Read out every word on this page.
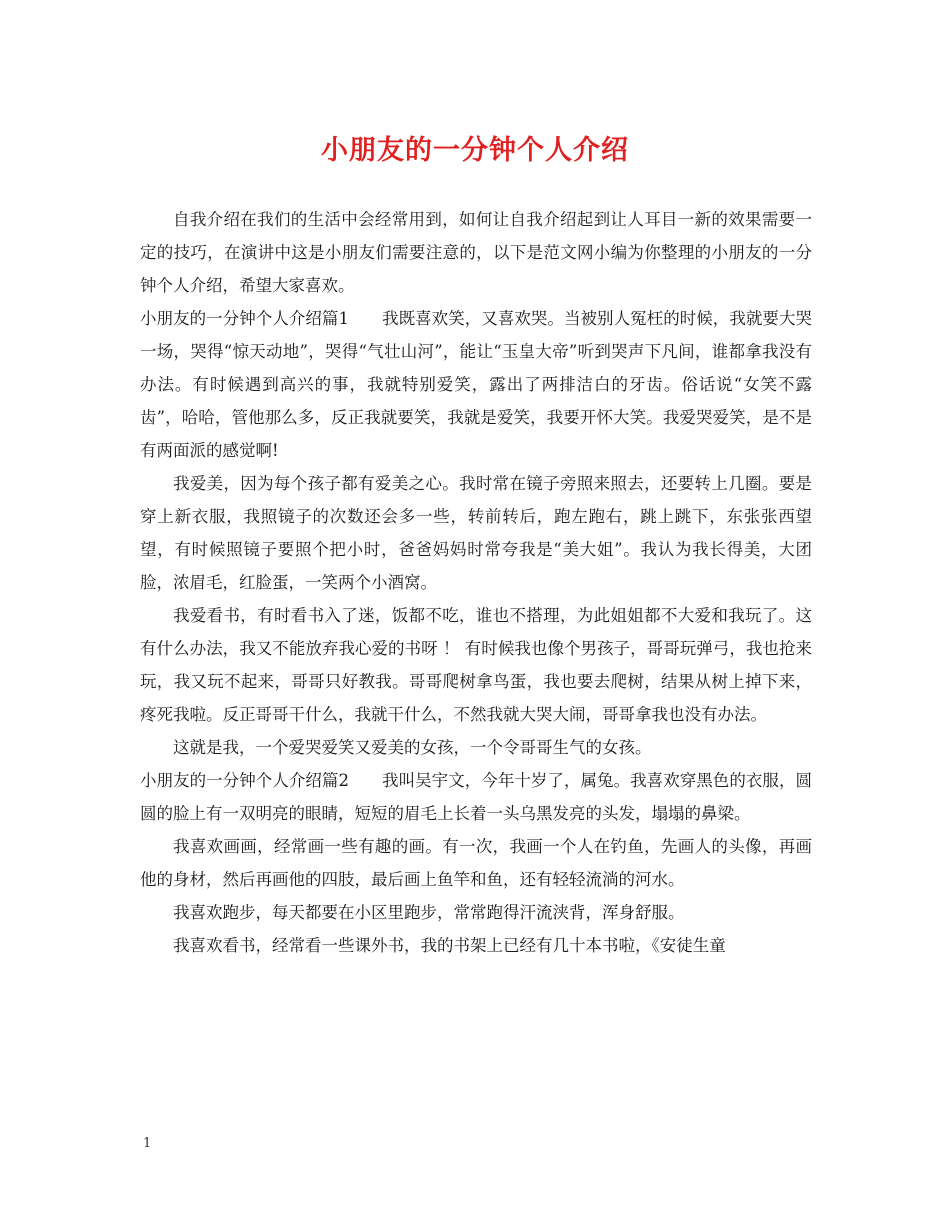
小朋友的一分钟个人介绍

自我介绍在我们的生活中会经常用到，如何让自我介绍起到让人耳目一新的效果需要一定的技巧，在演讲中这是小朋友们需要注意的，以下是范文网小编为你整理的小朋友的一分钟个人介绍，希望大家喜欢。

小朋友的一分钟个人介绍篇1　　我既喜欢笑，又喜欢哭。当被别人冤枉的时候，我就要大哭一场，哭得“惊天动地”，哭得“气壮山河”，能让“玉皇大帝”听到哭声下凡间，谁都拿我没有办法。有时候遇到高兴的事，我就特别爱笑，露出了两排洁白的牙齿。俗话说“女笑不露齿”，哈哈，管他那么多，反正我就要笑，我就是爱笑，我要开怀大笑。我爱哭爱笑，是不是有两面派的感觉啊!

我爱美，因为每个孩子都有爱美之心。我时常在镜子旁照来照去，还要转上几圈。要是穿上新衣服，我照镜子的次数还会多一些，转前转后，跑左跑右，跳上跳下，东张张西望望，有时候照镜子要照个把小时，爸爸妈妈时常夸我是“美大姐”。我认为我长得美，大团脸，浓眉毛，红脸蛋，一笑两个小酒窝。

我爱看书，有时看书入了迷，饭都不吃，谁也不搭理，为此姐姐都不大爱和我玩了。这有什么办法，我又不能放弃我心爱的书呀 ！ 有时候我也像个男孩子，哥哥玩弹弓，我也抢来玩，我又玩不起来，哥哥只好教我。哥哥爬树拿鸟蛋，我也要去爬树，结果从树上掉下来，疼死我啦。反正哥哥干什么，我就干什么，不然我就大哭大闹，哥哥拿我也没有办法。

这就是我，一个爱哭爱笑又爱美的女孩，一个令哥哥生气的女孩。

小朋友的一分钟个人介绍篇2　　我叫吴宇文，今年十岁了，属兔。我喜欢穿黑色的衣服，圆圆的脸上有一双明亮的眼睛，短短的眉毛上长着一头乌黑发亮的头发，塌塌的鼻梁。

我喜欢画画，经常画一些有趣的画。有一次，我画一个人在钓鱼，先画人的头像，再画他的身材，然后再画他的四肢，最后画上鱼竿和鱼，还有轻轻流淌的河水。

我喜欢跑步，每天都要在小区里跑步，常常跑得汗流浃背，浑身舒服。

我喜欢看书，经常看一些课外书，我的书架上已经有几十本书啦，《安徒生童

1
